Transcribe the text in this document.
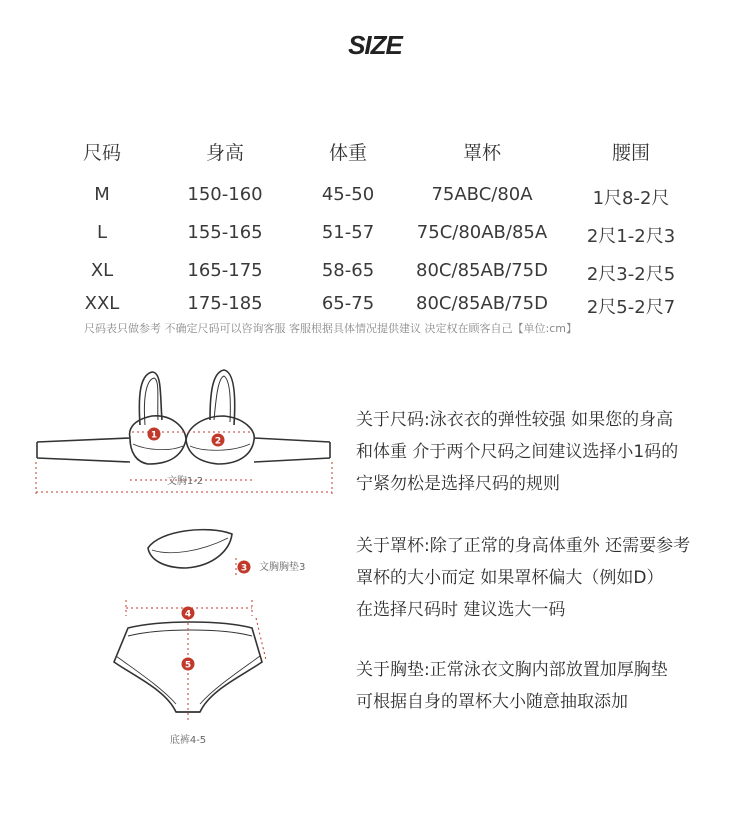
SIZE
尺码	身高	体重	罩杯	腰围
M	150-160	45-50	75ABC/80A	1尺8-2尺
L	155-165	51-57 75C/80AB/85A 2尺1-2尺3
XL	165-175	58-65 80C/85AB/75D 2尺3-2尺5
XXL	175-185	65-75 80C/85AB/75D 2尺5-2尺7
尺码表只做参考 不确定尺码可以咨询客服 客服根据具体情况提供建议 决定权在顾客自己【单位:cm】
1
2
文胸1-2
3 文胸胸垫3
4
5
底裤4-5
关于尺码:泳衣衣的弹性较强 如果您的身高
和体重 介于两个尺码之间建议选择小1码的
宁紧勿松是选择尺码的规则
关于罩杯:除了正常的身高体重外 还需要参考
罩杯的大小而定 如果罩杯偏大（例如D）
在选择尺码时 建议选大一码
关于胸垫:正常泳衣文胸内部放置加厚胸垫
可根据自身的罩杯大小随意抽取添加
